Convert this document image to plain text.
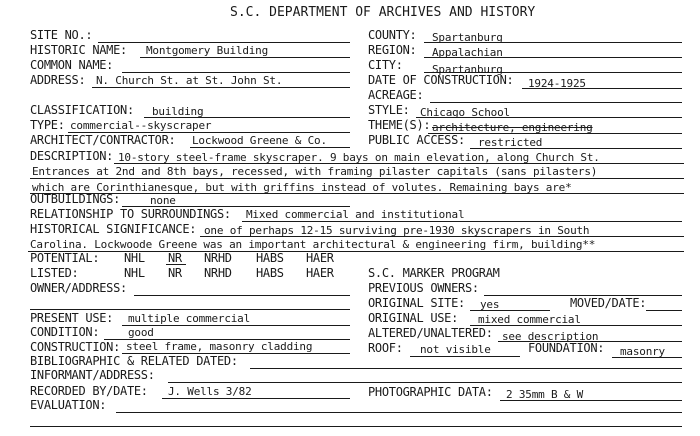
S.C. DEPARTMENT OF ARCHIVES AND HISTORY
SITE NO.:
HISTORIC NAME: Montgomery Building
COMMON NAME:
ADDRESS: N. Church St. at St. John St.
COUNTY: Spartanburg
REGION: Appalachian
CITY:	Spartanburg
DATE OF CONSTRUCTION: 1924-1925
ACREAGE:
CLASSIFICATION: building	STYLE: Chicago School
TYPE: commercial--skyscraper	THEME(S): architecture, engineering
ARCHITECT/CONTRACTOR: Lockwood Greene & Co.	PUBLIC ACCESS: restricted
DESCRIPTION: 10-story steel-frame skyscraper. 9 bays on main elevation, along Church St.
Entrances at 2nd and 8th bays, recessed, with framing pilaster capitals (sans pilasters)
which are Corinthianesque, but with griffins instead of volutes. Remaining bays are*
OUTBUILDINGS:	none
RELATIONSHIP TO SURROUNDINGS: Mixed commercial and institutional
HISTORICAL SIGNIFICANCE: one of perhaps 12-15 surviving pre-1930 skyscrapers in South
Carolina. Lockwoode Greene was an important architectural & engineering firm, building**
POTENTIAL: NHL NR NRHD HABS HAER
LISTED:	NHL NR NRHD HABS HAER	S.C. MARKER PROGRAM
OWNER/ADDRESS:	PREVIOUS OWNERS:
ORIGINAL SITE: yes	MOVED/DATE:
PRESENT USE: multiple commercial	ORIGINAL USE: mixed commercial
CONDITION:	good	ALTERED/UNALTERED: see description
CONSTRUCTION: steel frame, masonry cladding	ROOF: not visible	FOUNDATION: masonry
BIBLIOGRAPHIC & RELATED DATED:
INFORMANT/ADDRESS:
RECORDED BY/DATE: J. Wells 3/82	PHOTOGRAPHIC DATA: 2 35mm B & W
EVALUATION:
